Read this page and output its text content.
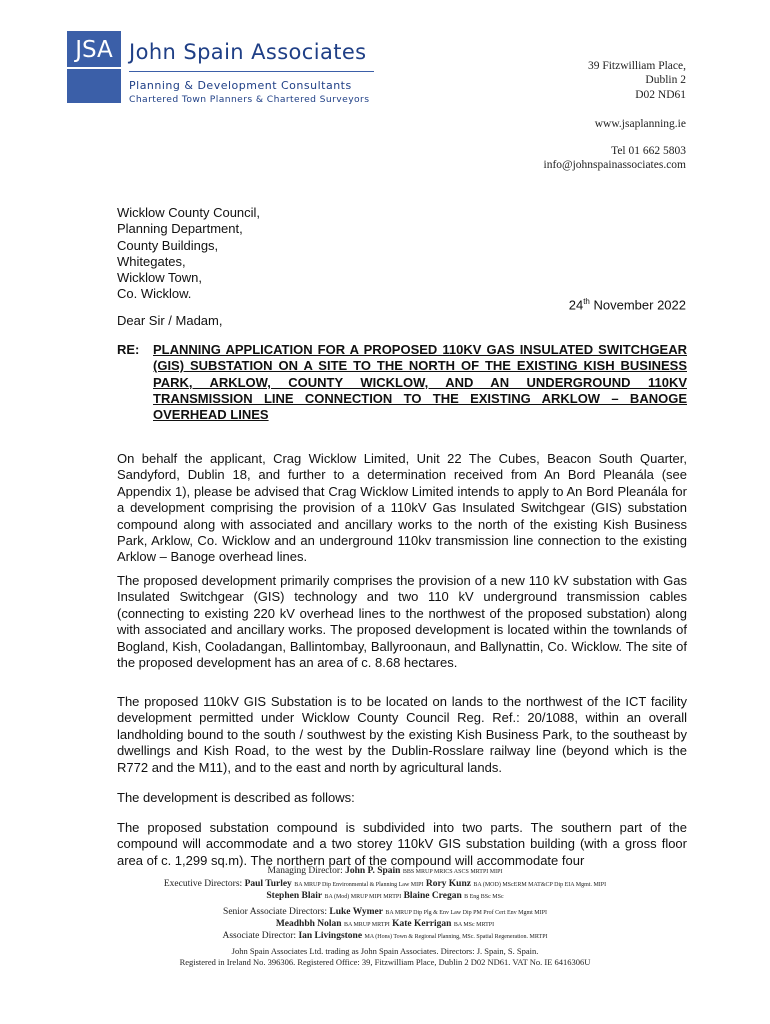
JSA John Spain Associates
Planning & Development Consultants
Chartered Town Planners & Chartered Surveyors
39 Fitzwilliam Place,
Dublin 2
D02 ND61
www.jsaplanning.ie
Tel 01 662 5803
info@johnspainassociates.com
Wicklow County Council,
Planning Department,
County Buildings,
Whitegates,
Wicklow Town,
Co. Wicklow.
24th November 2022
Dear Sir / Madam,
RE: PLANNING APPLICATION FOR A PROPOSED 110KV GAS INSULATED SWITCHGEAR (GIS) SUBSTATION ON A SITE TO THE NORTH OF THE EXISTING KISH BUSINESS PARK, ARKLOW, COUNTY WICKLOW, AND AN UNDERGROUND 110KV TRANSMISSION LINE CONNECTION TO THE EXISTING ARKLOW – BANOGE OVERHEAD LINES
On behalf the applicant, Crag Wicklow Limited, Unit 22 The Cubes, Beacon South Quarter, Sandyford, Dublin 18, and further to a determination received from An Bord Pleanála (see Appendix 1), please be advised that Crag Wicklow Limited intends to apply to An Bord Pleanála for a development comprising the provision of a 110kV Gas Insulated Switchgear (GIS) substation compound along with associated and ancillary works to the north of the existing Kish Business Park, Arklow, Co. Wicklow and an underground 110kv transmission line connection to the existing Arklow – Banoge overhead lines.
The proposed development primarily comprises the provision of a new 110 kV substation with Gas Insulated Switchgear (GIS) technology and two 110 kV underground transmission cables (connecting to existing 220 kV overhead lines to the northwest of the proposed substation) along with associated and ancillary works. The proposed development is located within the townlands of Bogland, Kish, Cooladangan, Ballintombay, Ballyroonaun, and Ballynattin, Co. Wicklow. The site of the proposed development has an area of c. 8.68 hectares.
The proposed 110kV GIS Substation is to be located on lands to the northwest of the ICT facility development permitted under Wicklow County Council Reg. Ref.: 20/1088, within an overall landholding bound to the south / southwest by the existing Kish Business Park, to the southeast by dwellings and Kish Road, to the west by the Dublin-Rosslare railway line (beyond which is the R772 and the M11), and to the east and north by agricultural lands.
The development is described as follows:
The proposed substation compound is subdivided into two parts. The southern part of the compound will accommodate and a two storey 110kV GIS substation building (with a gross floor area of c. 1,299 sq.m). The northern part of the compound will accommodate four
Managing Director: John P. Spain BBS MRUP MRICS ASCS MRTPI MIPI
Executive Directors: Paul Turley BA MRUP Dip Environmental & Planning Law MIPI Rory Kunz BA (MOD) MScERM MAT&CP Dip EIA Mgmt. MIPI
Stephen Blair BA (Mod) MRUP MIPI MRTPI Blaine Cregan B Eng BSc MSc
Senior Associate Directors: Luke Wymer BA MRUP Dip Plg & Env Law Dip PM Prof Cert Env Mgmt MIPI
Meadhbh Nolan BA MRUP MRTPI Kate Kerrigan BA MSc MRTPI
Associate Director: Ian Livingstone MA (Hons) Town & Regional Planning, MSc. Spatial Regeneration. MRTPI
John Spain Associates Ltd. trading as John Spain Associates. Directors: J. Spain, S. Spain.
Registered in Ireland No. 396306. Registered Office: 39, Fitzwilliam Place, Dublin 2 D02 ND61. VAT No. IE 6416306U
